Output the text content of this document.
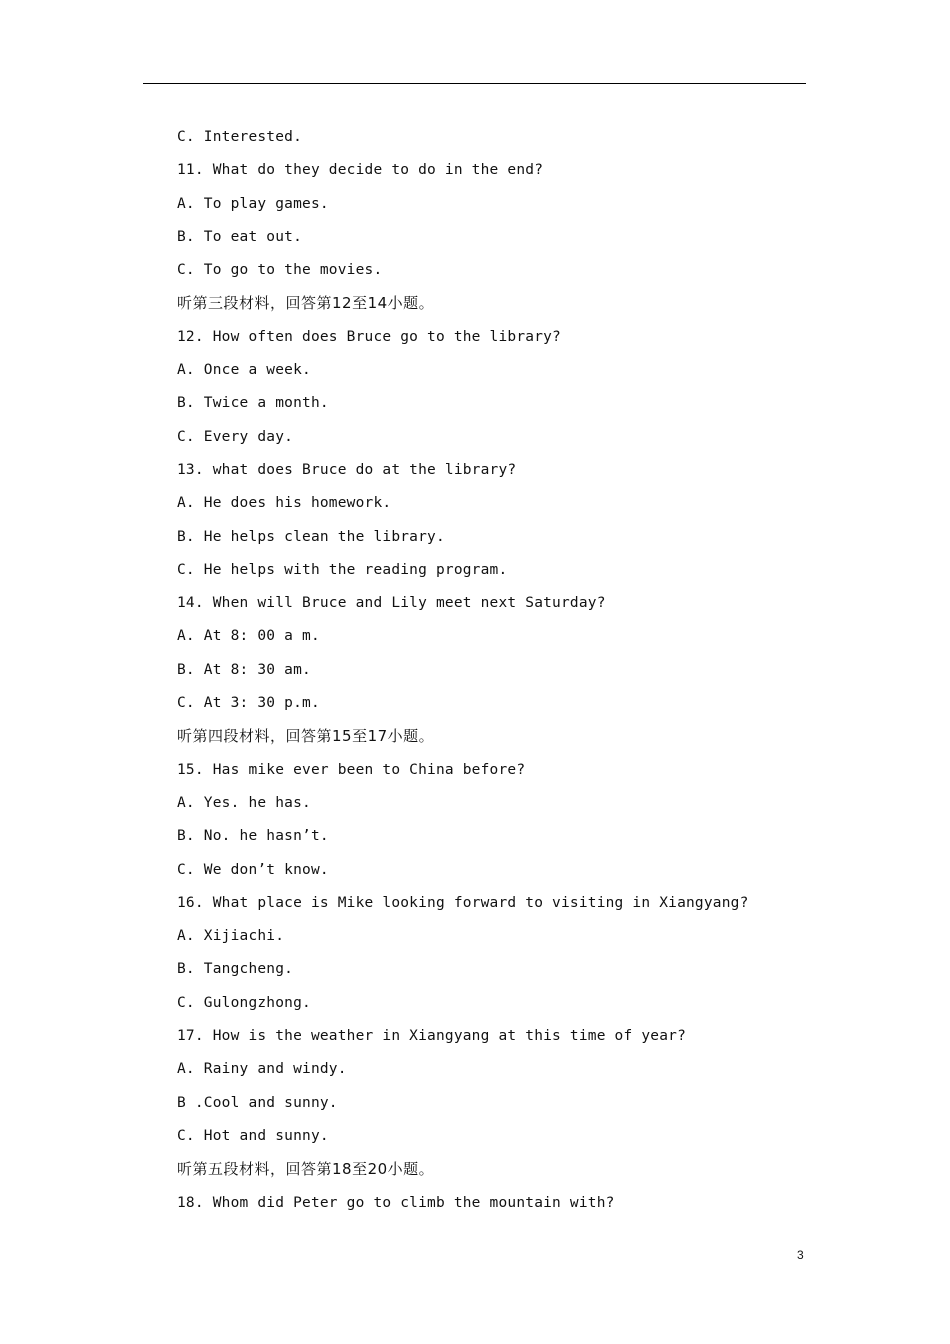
C. Interested.
11. What do they decide to do in the end?
A. To play games.
B. To eat out.
C. To go to the movies.
听第三段材料，回答第12至14小题。
12. How often does Bruce go to the library?
A. Once a week.
B. Twice a month.
C. Every day.
13. what does Bruce do at the library?
A. He does his homework.
B. He helps clean the library.
C. He helps with the reading program.
14. When will Bruce and Lily meet next Saturday?
A. At 8: 00 a m.
B. At 8: 30 am.
C. At 3: 30 p.m.
听第四段材料，回答第15至17小题。
15. Has mike ever been to China before?
A. Yes. he has.
B. No. he hasn’t.
C. We don’t know.
16. What place is Mike looking forward to visiting in Xiangyang?
A. Xijiachi.
B. Tangcheng.
C. Gulongzhong.
17. How is the weather in Xiangyang at this time of year?
A. Rainy and windy.
B .Cool and sunny.
C. Hot and sunny.
听第五段材料，回答第18至20小题。
18. Whom did Peter go to climb the mountain with?
3
